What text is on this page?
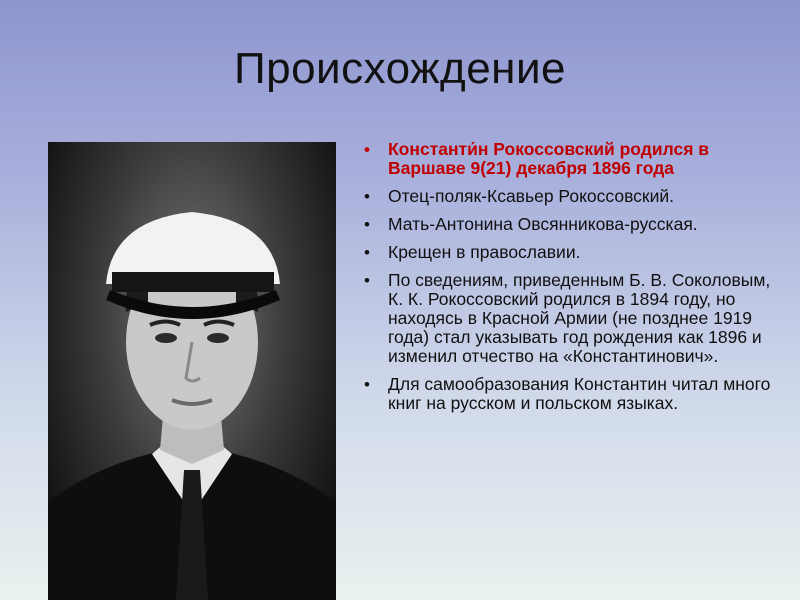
Происхождение
• Константи́н Рокоссовский родился в Варшаве 9(21) декабря 1896 года
• Отец-поляк-Ксавьер Рокоссовский.
• Мать-Антонина Овсянникова-русская.
• Крещен в православии.
• По сведениям, приведенным Б. В. Соколовым, К. К. Рокоссовский родился в 1894 году, но находясь в Красной Армии (не позднее 1919 года) стал указывать год рождения как 1896 и изменил отчество на «Константинович».
• Для самообразования Константин читал много книг на русском и польском языках.
